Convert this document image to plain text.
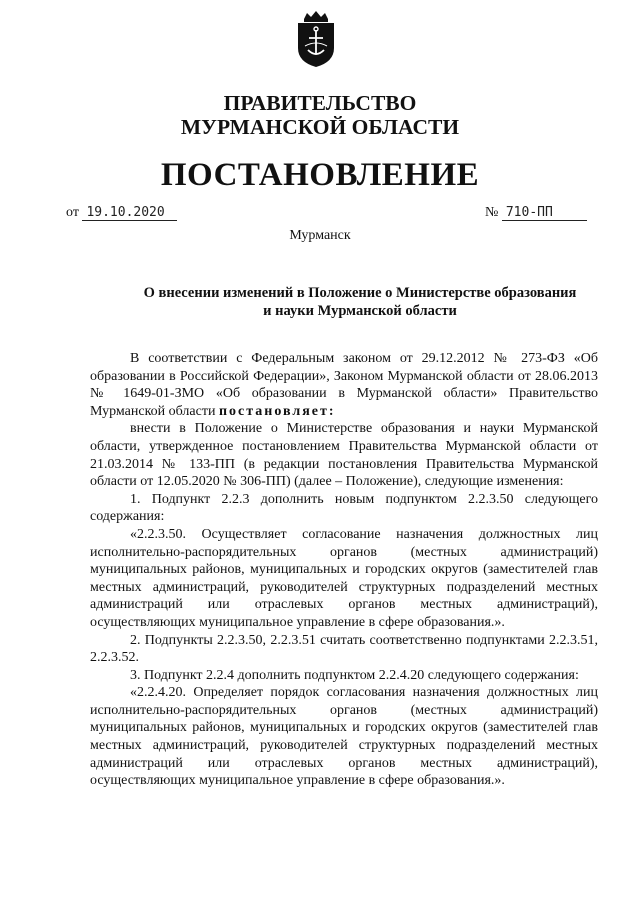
ПРАВИТЕЛЬСТВО
МУРМАНСКОЙ ОБЛАСТИ
ПОСТАНОВЛЕНИЕ
от 19.10.2020	№ 710-ПП
Мурманск
О внесении изменений в Положение о Министерстве образования
и науки Мурманской области

В соответствии с Федеральным законом от 29.12.2012 № 273-ФЗ «Об образовании в Российской Федерации», Законом Мурманской области от 28.06.2013 № 1649-01-ЗМО «Об образовании в Мурманской области» Правительство Мурманской области постановляет:

внести в Положение о Министерстве образования и науки Мурманской области, утвержденное постановлением Правительства Мурманской области от 21.03.2014 № 133-ПП (в редакции постановления Правительства Мурманской области от 12.05.2020 № 306-ПП) (далее – Положение), следующие изменения:

1. Подпункт 2.2.3 дополнить новым подпунктом 2.2.3.50 следующего содержания:

«2.2.3.50. Осуществляет согласование назначения должностных лиц исполнительно-распорядительных органов (местных администраций) муниципальных районов, муниципальных и городских округов (заместителей глав местных администраций, руководителей структурных подразделений местных администраций или отраслевых органов местных администраций), осуществляющих муниципальное управление в сфере образования.».

2. Подпункты 2.2.3.50, 2.2.3.51 считать соответственно подпунктами 2.2.3.51, 2.2.3.52.

3. Подпункт 2.2.4 дополнить подпунктом 2.2.4.20 следующего содержания:

«2.2.4.20. Определяет порядок согласования назначения должностных лиц исполнительно-распорядительных органов (местных администраций) муниципальных районов, муниципальных и городских округов (заместителей глав местных администраций, руководителей структурных подразделений местных администраций или отраслевых органов местных администраций), осуществляющих муниципальное управление в сфере образования.».
